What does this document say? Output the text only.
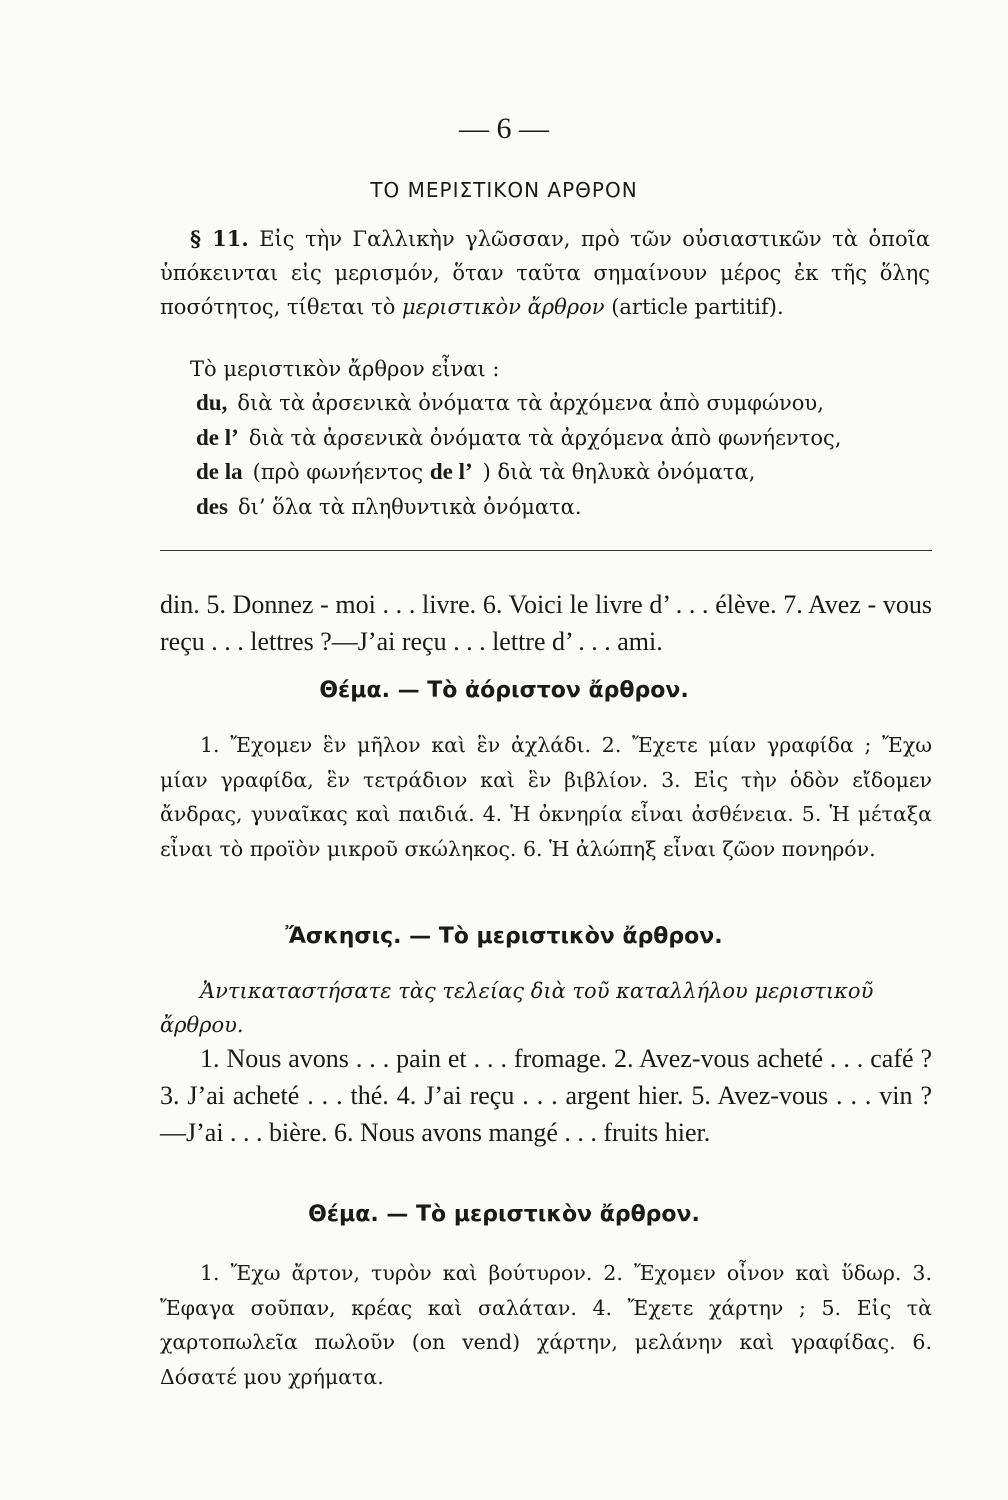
— 6 —
ΤΟ ΜΕΡΙΣΤΙΚΟΝ ΑΡΘΡΟΝ
§ 11. Εἰς τὴν Γαλλικὴν γλῶσσαν, πρὸ τῶν οὐσιαστικῶν τὰ ὁποῖα ὑπόκεινται εἰς μερισμόν, ὅταν ταῦτα σημαίνουν μέρος ἐκ τῆς ὅλης ποσότητος, τίθεται τὸ μεριστικὸν ἄρθρον (article partitif).
Τὸ μεριστικὸν ἄρθρον εἶναι :
du, διὰ τὰ ἀρσενικὰ ὀνόματα τὰ ἀρχόμενα ἀπὸ συμφώνου,
de l’ διὰ τὰ ἀρσενικὰ ὀνόματα τὰ ἀρχόμενα ἀπὸ φωνήεντος,
de la (πρὸ φωνήεντος de l’ ) διὰ τὰ θηλυκὰ ὀνόματα,
des δι’ ὅλα τὰ πληθυντικὰ ὀνόματα.
din. 5. Donnez - moi . . . livre. 6. Voici le livre d’ . . . élève. 7. Avez - vous reçu . . . lettres ?—J’ai reçu . . . lettre d’ . . . ami.
Θέμα. — Τὸ ἀόριστον ἄρθρον.
1. Ἔχομεν ἓν μῆλον καὶ ἓν ἀχλάδι. 2. Ἔχετε μίαν γραφίδα ; Ἔχω μίαν γραφίδα, ἓν τετράδιον καὶ ἓν βιβλίον. 3. Εἰς τὴν ὁδὸν εἴδομεν ἄνδρας, γυναῖκας καὶ παιδιά. 4. Ἡ ὀκνηρία εἶναι ἀσθένεια. 5. Ἡ μέταξα εἶναι τὸ προϊὸν μικροῦ σκώληκος. 6. Ἡ ἀλώπηξ εἶναι ζῶον πονηρόν.
Ἄσκησις. — Τὸ μεριστικὸν ἄρθρον.
Ἀντικαταστήσατε τὰς τελείας διὰ τοῦ καταλλήλου μεριστικοῦ ἄρθρου.
1. Nous avons . . . pain et . . . fromage. 2. Avez-vous acheté . . . café ? 3. J’ai acheté . . . thé. 4. J’ai reçu . . . argent hier. 5. Avez-vous . . . vin ? —J’ai . . . bière. 6. Nous avons mangé . . . fruits hier.
Θέμα. — Τὸ μεριστικὸν ἄρθρον.
1. Ἔχω ἄρτον, τυρὸν καὶ βούτυρον. 2. Ἔχομεν οἶνον καὶ ὕδωρ. 3. Ἔφαγα σοῦπαν, κρέας καὶ σαλάταν. 4. Ἔχετε χάρτην ; 5. Εἰς τὰ χαρτοπωλεῖα πωλοῦν (on vend) χάρτην, μελάνην καὶ γραφίδας. 6. Δόσατέ μου χρήματα.
